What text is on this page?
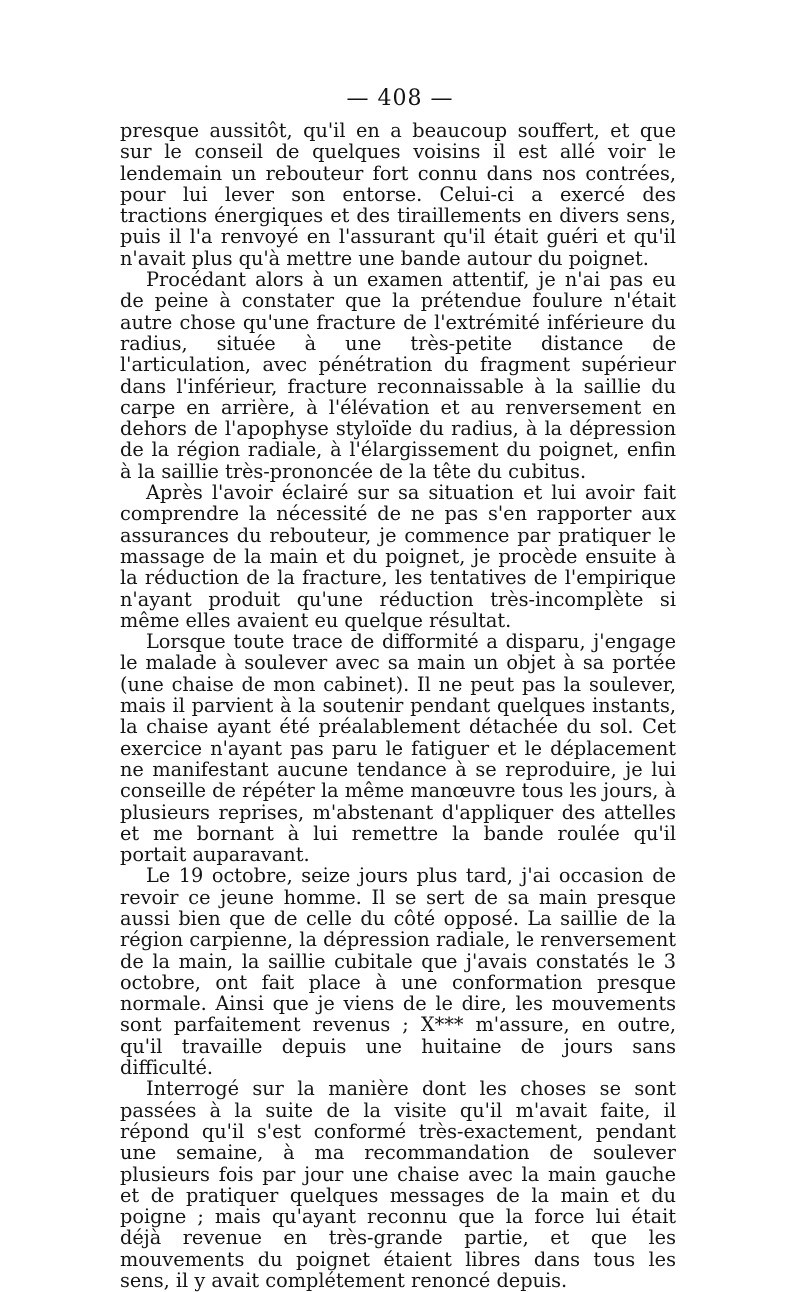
— 408 —

presque aussitôt, qu'il en a beaucoup souffert, et que sur le conseil de quelques voisins il est allé voir le lendemain un rebouteur fort connu dans nos contrées, pour lui lever son entorse. Celui-ci a exercé des tractions énergiques et des tiraillements en divers sens, puis il l'a renvoyé en l'assurant qu'il était guéri et qu'il n'avait plus qu'à mettre une bande autour du poignet.

Procédant alors à un examen attentif, je n'ai pas eu de peine à constater que la prétendue foulure n'était autre chose qu'une fracture de l'extrémité inférieure du radius, située à une très-petite distance de l'articulation, avec pénétration du fragment supérieur dans l'inférieur, fracture reconnaissable à la saillie du carpe en arrière, à l'élévation et au renversement en dehors de l'apophyse styloïde du radius, à la dépression de la région radiale, à l'élargissement du poignet, enfin à la saillie très-prononcée de la tête du cubitus.

Après l'avoir éclairé sur sa situation et lui avoir fait comprendre la nécessité de ne pas s'en rapporter aux assurances du rebouteur, je commence par pratiquer le massage de la main et du poignet, je procède ensuite à la réduction de la fracture, les tentatives de l'empirique n'ayant produit qu'une réduction très-incomplète si même elles avaient eu quelque résultat.

Lorsque toute trace de difformité a disparu, j'engage le malade à soulever avec sa main un objet à sa portée (une chaise de mon cabinet). Il ne peut pas la soulever, mais il parvient à la soutenir pendant quelques instants, la chaise ayant été préalablement détachée du sol. Cet exercice n'ayant pas paru le fatiguer et le déplacement ne manifestant aucune tendance à se reproduire, je lui conseille de répéter la même manœuvre tous les jours, à plusieurs reprises, m'abstenant d'appliquer des attelles et me bornant à lui remettre la bande roulée qu'il portait auparavant.

Le 19 octobre, seize jours plus tard, j'ai occasion de revoir ce jeune homme. Il se sert de sa main presque aussi bien que de celle du côté opposé. La saillie de la région carpienne, la dépression radiale, le renversement de la main, la saillie cubitale que j'avais constatés le 3 octobre, ont fait place à une conformation presque normale. Ainsi que je viens de le dire, les mouvements sont parfaitement revenus ; X*** m'assure, en outre, qu'il travaille depuis une huitaine de jours sans difficulté.

Interrogé sur la manière dont les choses se sont passées à la suite de la visite qu'il m'avait faite, il répond qu'il s'est conformé très-exactement, pendant une semaine, à ma recommandation de soulever plusieurs fois par jour une chaise avec la main gauche et de pratiquer quelques messages de la main et du poigne ; mais qu'ayant reconnu que la force lui était déjà revenue en très-grande partie, et que les mouvements du poignet étaient libres dans tous les sens, il y avait complétement renoncé depuis.
